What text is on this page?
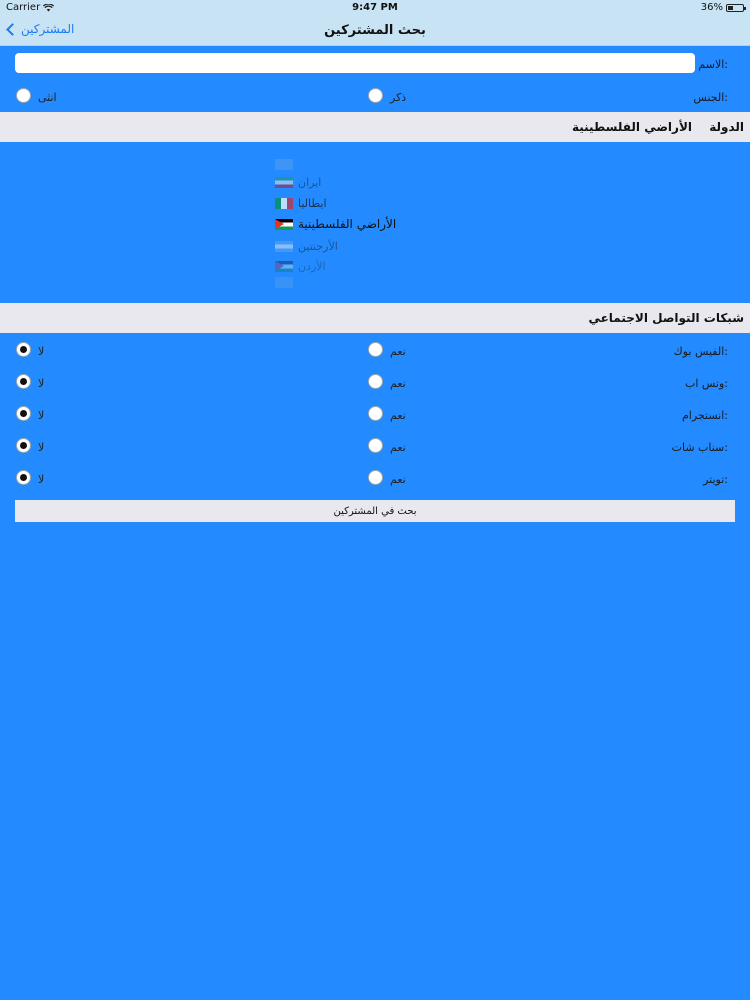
Carrier	9:47 PM	36%
المشتركين	بحث المشتركين
الاسم:
الجنس:
ذكر
انثى
الدولة
الأراضي الفلسطينية
ايران
ايطاليا
الأراضي الفلسطينية
الأرجنتين
الأردن
شبكات التواصل الاجتماعي
الفيس بوك:
نعم
لا
وتس اب:
نعم
لا
انستجرام:
نعم
لا
سناب شات:
نعم
لا
تويتر:
نعم
لا
بحث في المشتركين
